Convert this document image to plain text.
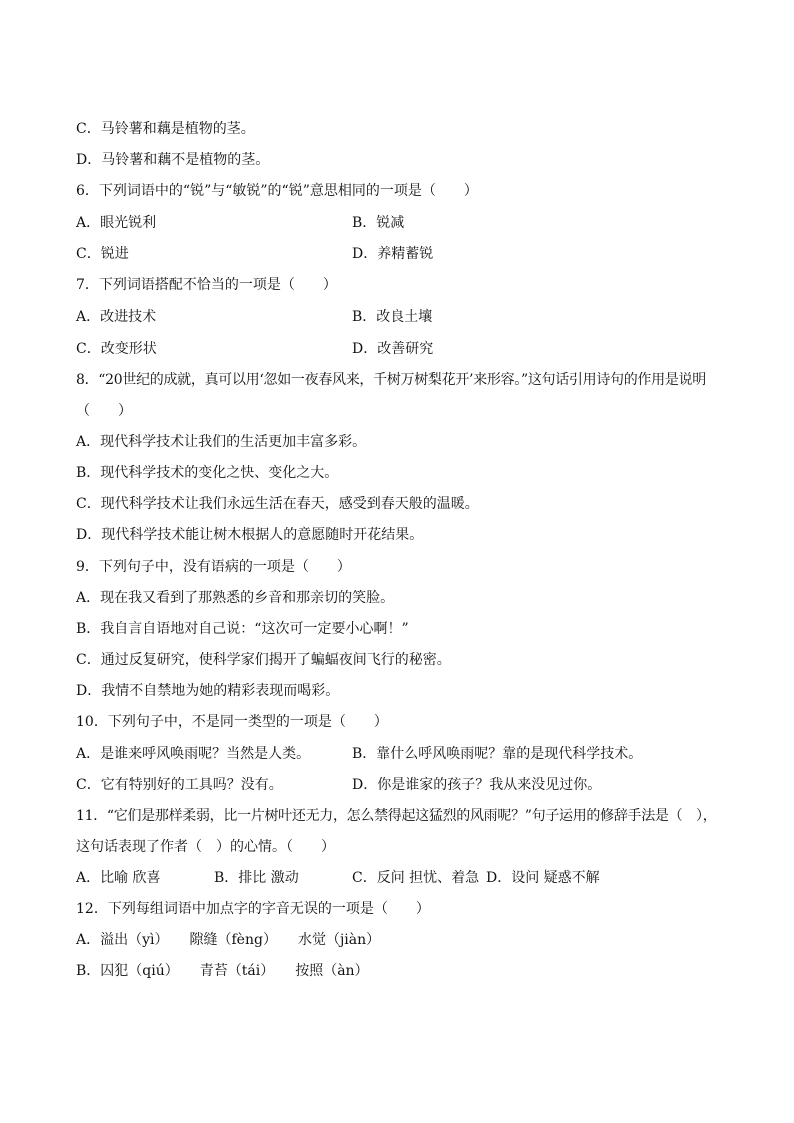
C．马铃薯和藕是植物的茎。
D．马铃薯和藕不是植物的茎。
6．下列词语中的“锐”与“敏锐”的“锐”意思相同的一项是（　　）
A．眼光锐利	B．锐减
C．锐进	D．养精蓄锐
7．下列词语搭配不恰当的一项是（　　）
A．改进技术	B．改良土壤
C．改变形状	D．改善研究
8．“20世纪的成就，真可以用‘忽如一夜春风来，千树万树梨花开’来形容。”这句话引用诗句的作用是说明
（　　）
A．现代科学技术让我们的生活更加丰富多彩。
B．现代科学技术的变化之快、变化之大。
C．现代科学技术让我们永远生活在春天，感受到春天般的温暖。
D．现代科学技术能让树木根据人的意愿随时开花结果。
9．下列句子中，没有语病的一项是（　　）
A．现在我又看到了那熟悉的乡音和那亲切的笑脸。
B．我自言自语地对自己说：“这次可一定要小心啊！”
C．通过反复研究，使科学家们揭开了蝙蝠夜间飞行的秘密。
D．我情不自禁地为她的精彩表现而喝彩。
10．下列句子中，不是同一类型的一项是（　　）
A．是谁来呼风唤雨呢？当然是人类。	B．靠什么呼风唤雨呢？靠的是现代科学技术。
C．它有特别好的工具吗？没有。	D．你是谁家的孩子？我从来没见过你。
11．“它们是那样柔弱，比一片树叶还无力，怎么禁得起这猛烈的风雨呢？”句子运用的修辞手法是（　），
这句话表现了作者（　）的心情。（　　）
A．比喻 欣喜	B．排比 激动	C．反问 担忧、着急 D．设问 疑惑不解
12．下列每组词语中加点字的字音无误的一项是（　　）
A．溢出（yì）　　隙缝（fèng）　　水觉（jiàn）
B．囚犯（qiú）　　青苔（tái）　　按照（àn）
